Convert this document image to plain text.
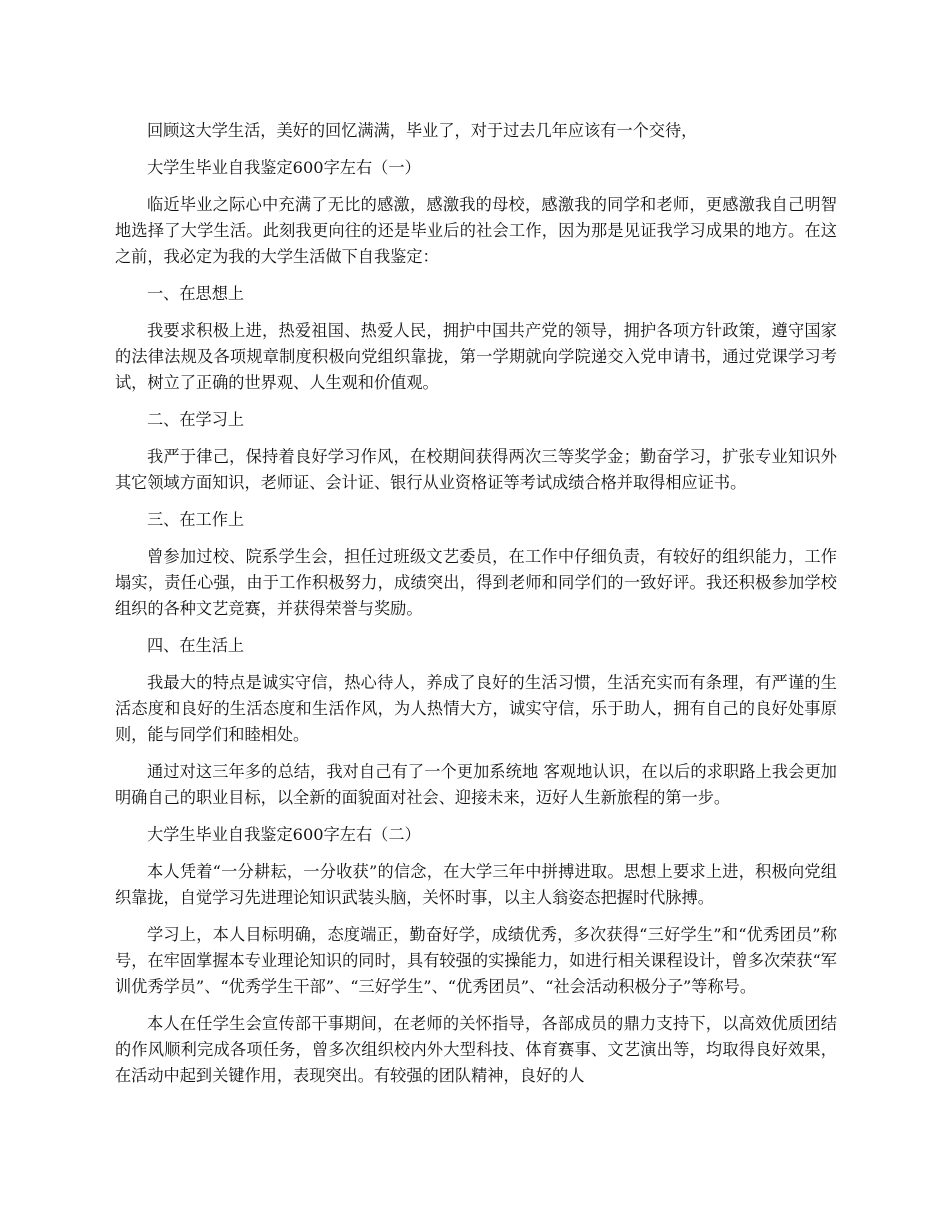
回顾这大学生活，美好的回忆满满，毕业了，对于过去几年应该有一个交待，

大学生毕业自我鉴定600字左右（一）

临近毕业之际心中充满了无比的感激，感激我的母校，感激我的同学和老师，更感激我自己明智地选择了大学生活。此刻我更向往的还是毕业后的社会工作，因为那是见证我学习成果的地方。在这之前，我必定为我的大学生活做下自我鉴定：

一、在思想上

我要求积极上进，热爱祖国、热爱人民，拥护中国共产党的领导，拥护各项方针政策，遵守国家的法律法规及各项规章制度积极向党组织靠拢，第一学期就向学院递交入党申请书，通过党课学习考试，树立了正确的世界观、人生观和价值观。

二、在学习上

我严于律己，保持着良好学习作风，在校期间获得两次三等奖学金；勤奋学习，扩张专业知识外其它领域方面知识，老师证、会计证、银行从业资格证等考试成绩合格并取得相应证书。

三、在工作上

曾参加过校、院系学生会，担任过班级文艺委员，在工作中仔细负责，有较好的组织能力，工作塌实，责任心强，由于工作积极努力，成绩突出，得到老师和同学们的一致好评。我还积极参加学校组织的各种文艺竞赛，并获得荣誉与奖励。

四、在生活上

我最大的特点是诚实守信，热心待人，养成了良好的生活习惯，生活充实而有条理，有严谨的生活态度和良好的生活态度和生活作风，为人热情大方，诚实守信，乐于助人，拥有自己的良好处事原则，能与同学们和睦相处。

通过对这三年多的总结，我对自己有了一个更加系统地 客观地认识，在以后的求职路上我会更加明确自己的职业目标，以全新的面貌面对社会、迎接未来，迈好人生新旅程的第一步。

大学生毕业自我鉴定600字左右（二）

本人凭着“一分耕耘，一分收获”的信念，在大学三年中拼搏进取。思想上要求上进，积极向党组织靠拢，自觉学习先进理论知识武装头脑，关怀时事，以主人翁姿态把握时代脉搏。

学习上，本人目标明确，态度端正，勤奋好学，成绩优秀，多次获得“三好学生”和“优秀团员”称号，在牢固掌握本专业理论知识的同时，具有较强的实操能力，如进行相关课程设计，曾多次荣获“军训优秀学员”、“优秀学生干部”、“三好学生”、“优秀团员”、“社会活动积极分子”等称号。

本人在任学生会宣传部干事期间，在老师的关怀指导，各部成员的鼎力支持下，以高效优质团结的作风顺利完成各项任务，曾多次组织校内外大型科技、体育赛事、文艺演出等，均取得良好效果，在活动中起到关键作用，表现突出。有较强的团队精神，良好的人
